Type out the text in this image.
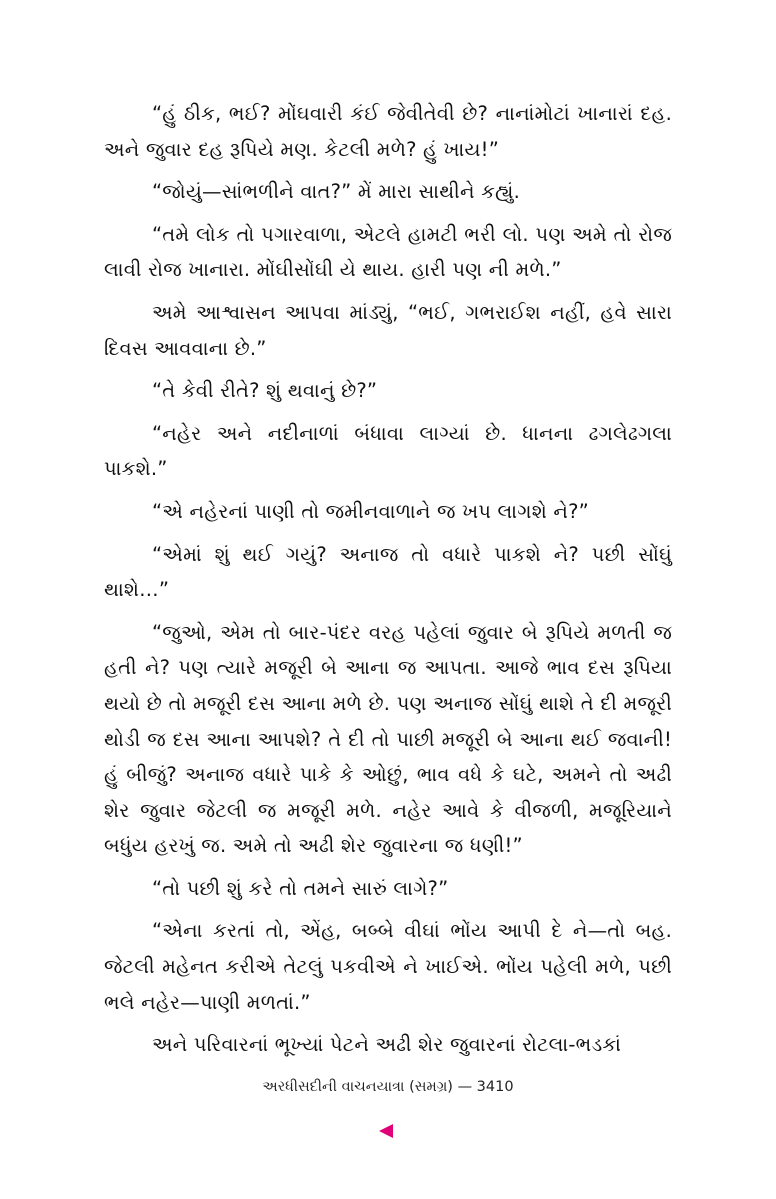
“હું ઠીક, ભઈ? મોંઘવારી કંઈ જેવીતેવી છે? નાનાંમોટાં ખાનારાં દહ. અને જુવાર દહ રૂપિયે મણ. કેટલી મળે? હું ખાય!”

“જોયું—સાંભળીને વાત?” મેં મારા સાથીને કહ્યું.

“તમે લોક તો પગારવાળા, એટલે હામટી ભરી લો. પણ અમે તો રોજ લાવી રોજ ખાનારા. મોંઘીસોંઘી યે થાય. હારી પણ ની મળે.”

અમે આશ્વાસન આપવા માંડ્યું, “ભઈ, ગભરાઈશ નહીં, હવે સારા દિવસ આવવાના છે.”

“તે કેવી રીતે? શું થવાનું છે?”

“નહેર અને નદીનાળાં બંધાવા લાગ્યાં છે. ધાનના ઢગલેઢગલા પાકશે.”

“એ નહેરનાં પાણી તો જમીનવાળાને જ ખપ લાગશે ને?”

“એમાં શું થઈ ગયું? અનાજ તો વધારે પાકશે ને? પછી સોંઘું થાશે…”

“જુઓ, એમ તો બાર-પંદર વરહ પહેલાં જુવાર બે રૂપિયે મળતી જ હતી ને? પણ ત્યારે મજૂરી બે આના જ આપતા. આજે ભાવ દસ રૂપિયા થયો છે તો મજૂરી દસ આના મળે છે. પણ અનાજ સોંઘું થાશે તે દી મજૂરી થોડી જ દસ આના આપશે? તે દી તો પાછી મજૂરી બે આના થઈ જવાની! હું બીજું? અનાજ વધારે પાકે કે ઓછું, ભાવ વધે કે ઘટે, અમને તો અઢી શેર જુવાર જેટલી જ મજૂરી મળે. નહેર આવે કે વીજળી, મજૂરિયાને બધુંય હરખું જ. અમે તો અઢી શેર જુવારના જ ધણી!”

“તો પછી શું કરે તો તમને સારું લાગે?”

“એના કરતાં તો, એંહ, બબ્બે વીઘાં ભોંય આપી દે ને—તો બહ. જેટલી મહેનત કરીએ તેટલું પકવીએ ને ખાઈએ. ભોંય પહેલી મળે, પછી ભલે નહેર—પાણી મળતાં.”

અને પરિવારનાં ભૂખ્યાં પેટને અઢી શેર જુવારનાં રોટલા-ભડકાં

અરધીસદીની વાચનયાત્રા (સમગ્ર) — 3410
